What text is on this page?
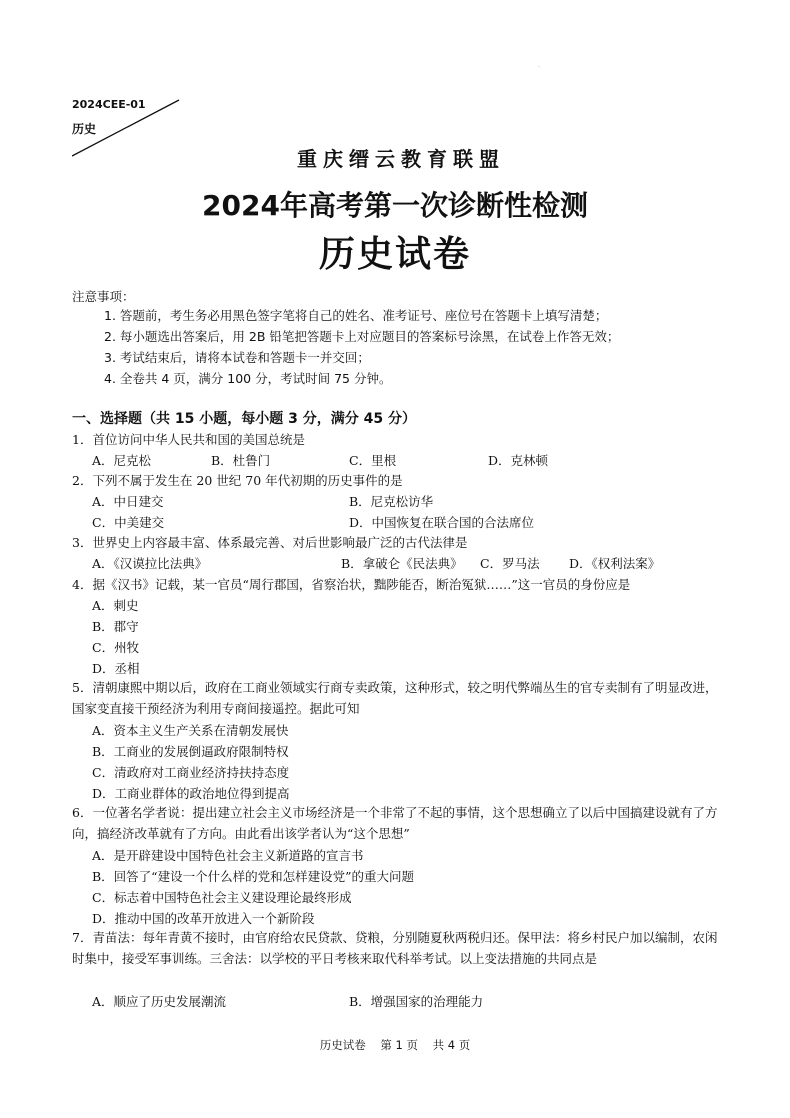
.
2024CEE-01
历史
重庆缙云教育联盟
2024年高考第一次诊断性检测
历史试卷
注意事项：
1. 答题前，考生务必用黑色签字笔将自己的姓名、准考证号、座位号在答题卡上填写清楚；
2. 每小题选出答案后，用 2B 铅笔把答题卡上对应题目的答案标号涂黑，在试卷上作答无效；
3. 考试结束后，请将本试卷和答题卡一并交回；
4. 全卷共 4 页，满分 100 分，考试时间 75 分钟。
一、选择题（共 15 小题，每小题 3 分，满分 45 分）
1．首位访问中华人民共和国的美国总统是
A．尼克松	B．杜鲁门	C．里根	D．克林顿
2．下列不属于发生在 20 世纪 70 年代初期的历史事件的是
A．中日建交	B．尼克松访华
C．中美建交	D．中国恢复在联合国的合法席位
3．世界史上内容最丰富、体系最完善、对后世影响最广泛的古代法律是
A．《汉谟拉比法典》	B．拿破仑《民法典》 C．罗马法 D．《权利法案》
4．据《汉书》记载，某一官员“周行郡国，省察治状，黜陟能否，断治冤狱……”这一官员的身份应是
A．刺史
B．郡守
C．州牧
D．丞相
5．清朝康熙中期以后，政府在工商业领域实行商专卖政策，这种形式，较之明代弊端丛生的官专卖制有了明显改进，国家变直接干预经济为利用专商间接遥控。据此可知
A．资本主义生产关系在清朝发展快
B．工商业的发展倒逼政府限制特权
C．清政府对工商业经济持扶持态度
D．工商业群体的政治地位得到提高
6．一位著名学者说：提出建立社会主义市场经济是一个非常了不起的事情，这个思想确立了以后中国搞建设就有了方向，搞经济改革就有了方向。由此看出该学者认为“这个思想”
A．是开辟建设中国特色社会主义新道路的宣言书
B．回答了“建设一个什么样的党和怎样建设党”的重大问题
C．标志着中国特色社会主义建设理论最终形成
D．推动中国的改革开放进入一个新阶段
7．青苗法：每年青黄不接时，由官府给农民贷款、贷粮，分别随夏秋两税归还。保甲法：将乡村民户加以编制，农闲时集中，接受军事训练。三舍法：以学校的平日考核来取代科举考试。以上变法措施的共同点是
A．顺应了历史发展潮流	B．增强国家的治理能力
历史试卷 第 1 页 共 4 页
